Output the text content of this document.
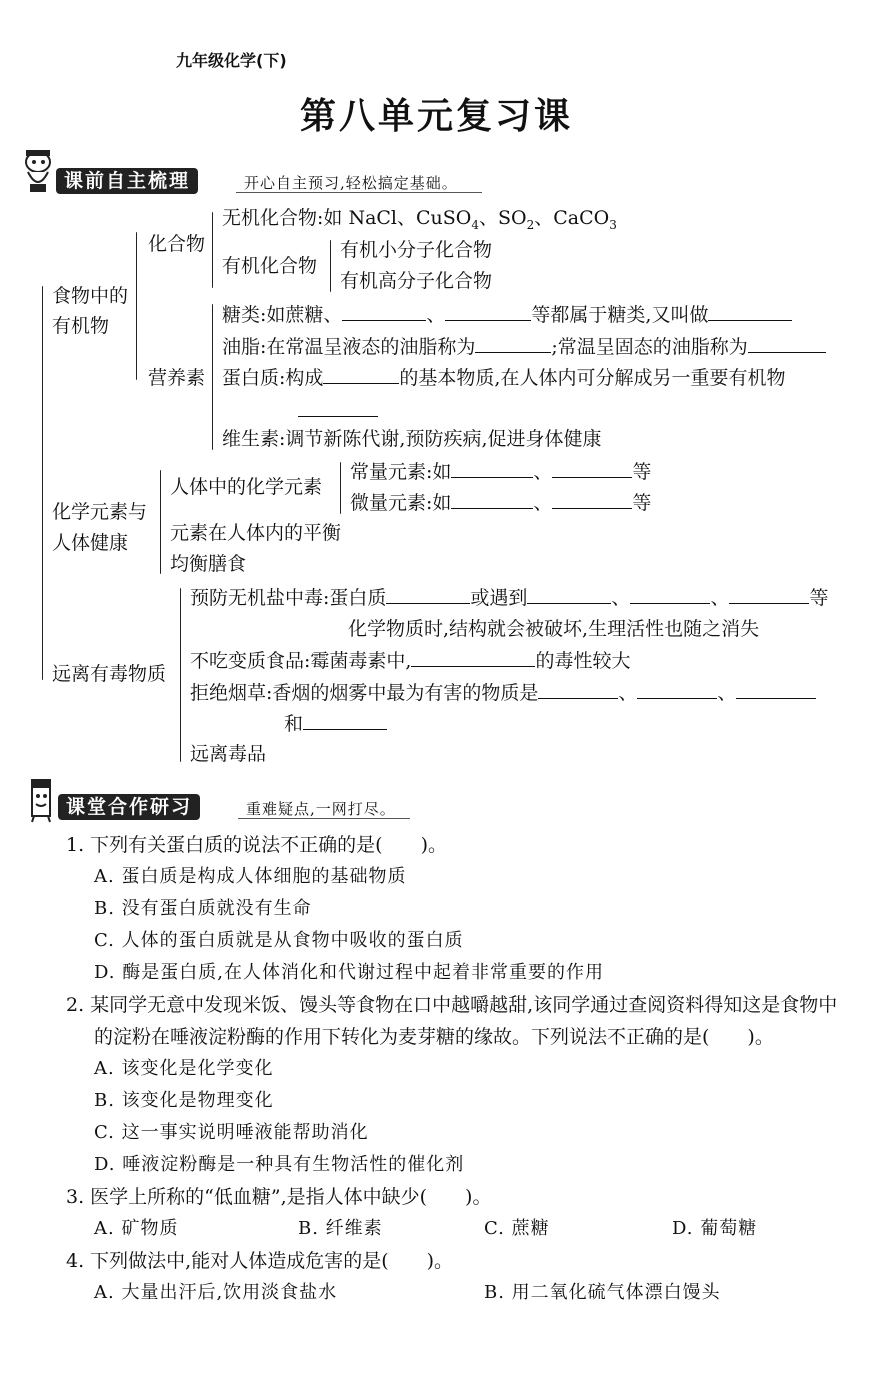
九年级化学(下)
第八单元复习课
课前自主梳理	开心自主预习,轻松搞定基础。
食物中的
有机物
化合物
无机化合物:如 NaCl、CuSO$_4$、$SO_2$、CaCO$_3$
有机化合物
有机小分子化合物
有机高分子化合物
营养素
糖类:如蔗糖、	、	等都属于糖类,又叫做
油脂:在常温呈液态的油脂称为	;常温呈固态的油脂称为
蛋白质:构成	的基本物质,在人体内可分解成另一重要有机物
维生素:调节新陈代谢,预防疾病,促进身体健康
化学元素与
人体健康
人体中的化学元素
常量元素:如	、	等
微量元素:如	、	等
元素在人体内的平衡
均衡膳食
远离有毒物质
预防无机盐中毒:蛋白质	或遇到	、	、	等
化学物质时,结构就会被破坏,生理活性也随之消失
不吃变质食品:霉菌毒素中,	的毒性较大
拒绝烟草:香烟的烟雾中最为有害的物质是	、	、
和
远离毒品
课堂合作研习	重难疑点,一网打尽。
1. 下列有关蛋白质的说法不正确的是(　　)。
A. 蛋白质是构成人体细胞的基础物质
B. 没有蛋白质就没有生命
C. 人体的蛋白质就是从食物中吸收的蛋白质
D. 酶是蛋白质,在人体消化和代谢过程中起着非常重要的作用
2. 某同学无意中发现米饭、馒头等食物在口中越嚼越甜,该同学通过查阅资料得知这是食物中
的淀粉在唾液淀粉酶的作用下转化为麦芽糖的缘故。下列说法不正确的是(　　)。
A. 该变化是化学变化
B. 该变化是物理变化
C. 这一事实说明唾液能帮助消化
D. 唾液淀粉酶是一种具有生物活性的催化剂
3. 医学上所称的“低血糖”,是指人体中缺少(　　)。
A. 矿物质	B. 纤维素	C. 蔗糖	D. 葡萄糖
4. 下列做法中,能对人体造成危害的是(　　)。
A. 大量出汗后,饮用淡食盐水	B. 用二氧化硫气体漂白馒头
